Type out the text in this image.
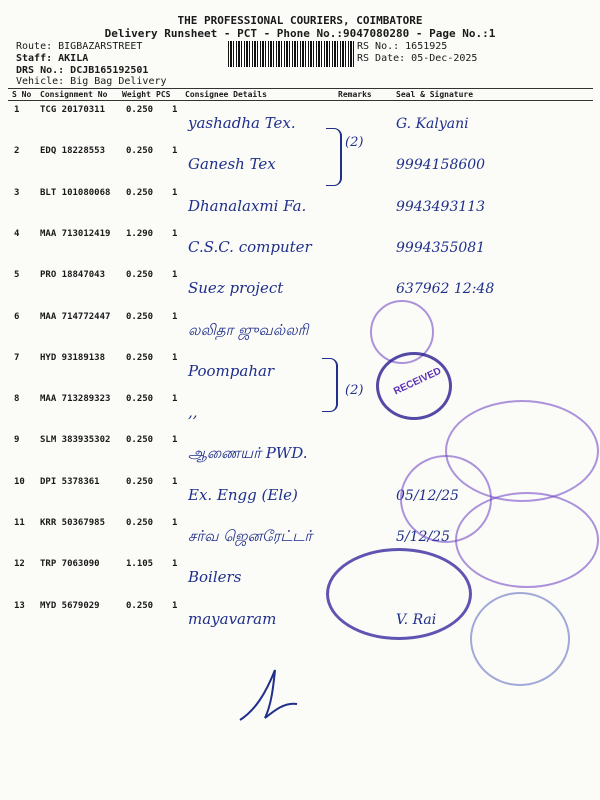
THE PROFESSIONAL COURIERS, COIMBATORE
Delivery Runsheet - PCT - Phone No.:9047080280 - Page No.:1
Route: BIGBAZARSTREET
Staff: AKILA
DRS No.: DCJB165192501
Vehicle: Big Bag Delivery
RS No.: 1651925
RS Date: 05-Dec-2025
S No Consignment No Weight PCS Consignee Details	Remarks	Seal & Signature
1 TCG 20170311 0.250 1
yashadha Tex.	G. Kalyani
2 EDQ 18228553 0.250 1
Ganesh Tex	9994158600
3 BLT 101080068 0.250 1
Dhanalaxmi Fa.	9943493113
4 MAA 713012419 1.290 1
C.S.C. computer	9994355081
5 PRO 18847043 0.250 1
Suez project	637962 12:48
6 MAA 714772447 0.250 1
லலிதா ஜுவல்லரி
7 HYD 93189138 0.250 1
Poompahar
8 MAA 713289323 0.250 1
,,
9 SLM 383935302 0.250 1
ஆணையர் PWD.
10 DPI 5378361	0.250 1
Ex. Engg (Ele)	05/12/25
11 KRR 50367985 0.250 1
சர்வ ஜெனரேட்டர்	5/12/25
12 TRP 7063090	1.105 1
Boilers
13 MYD 5679029	0.250 1
mayavaram	V. Rai
(2)
(2)	RECEIVED
